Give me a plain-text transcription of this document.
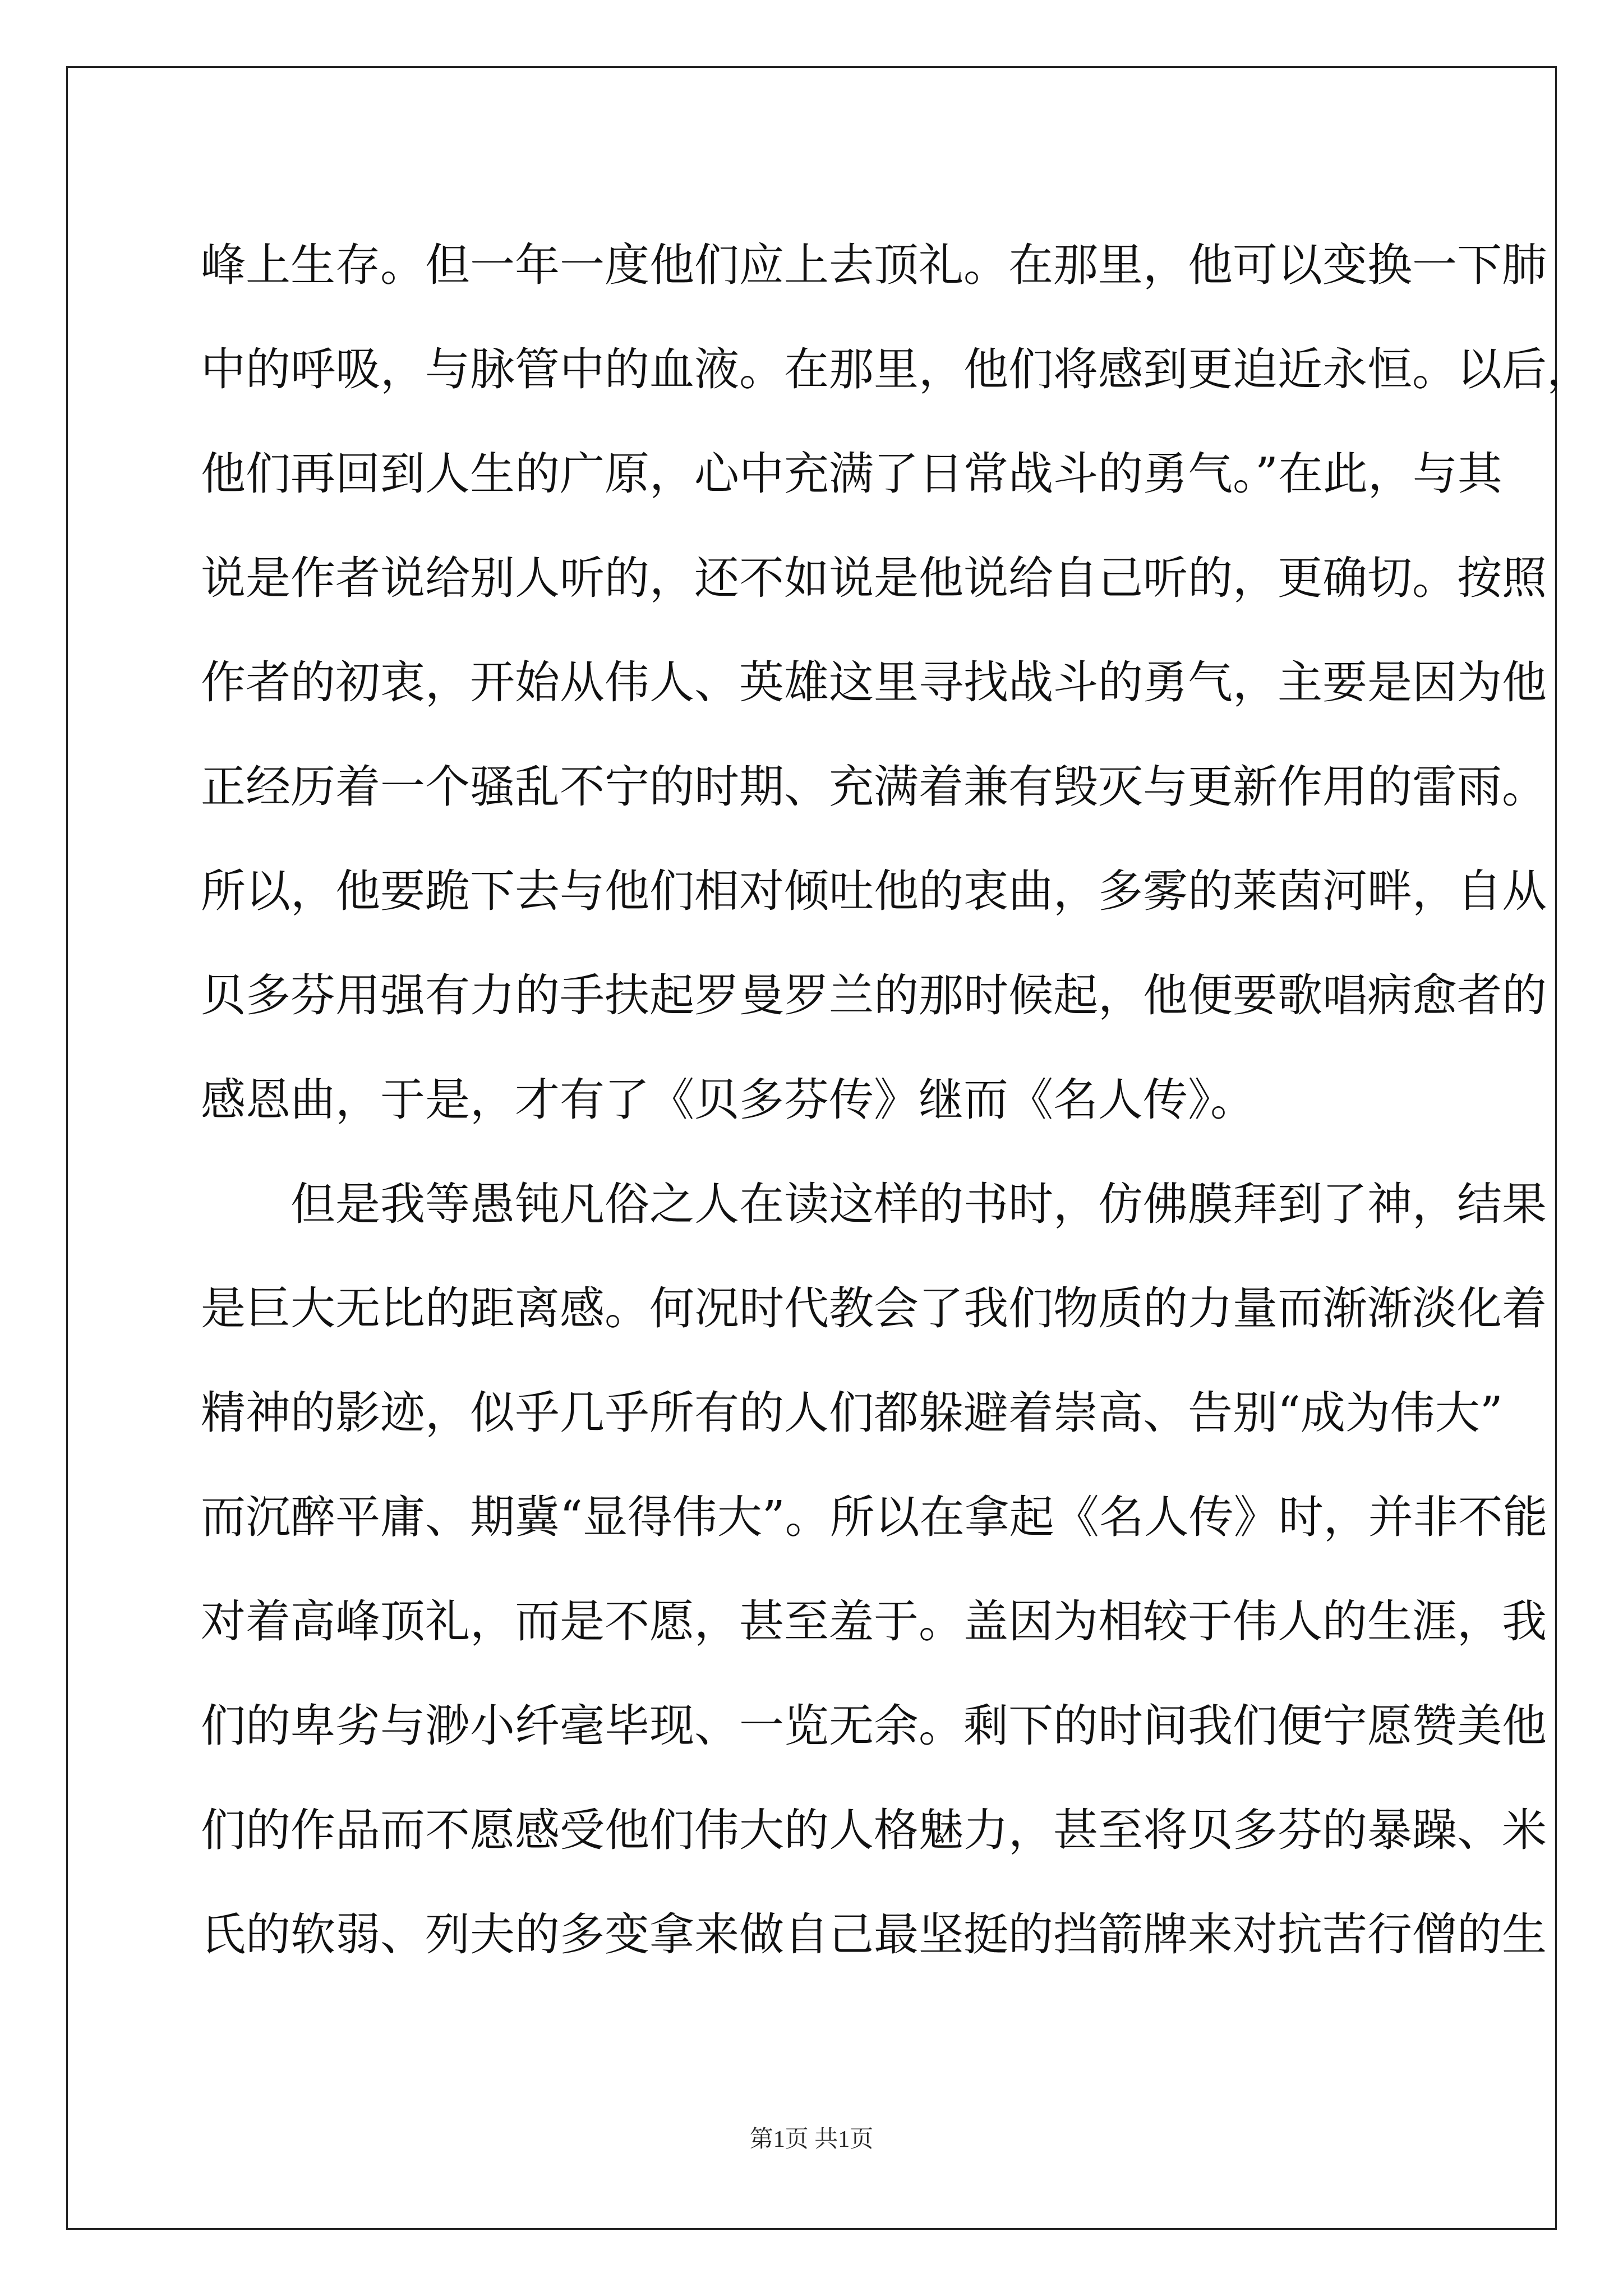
峰上生存。但一年一度他们应上去顶礼。在那里，他可以变换一下肺
中的呼吸，与脉管中的血液。在那里，他们将感到更迫近永恒。以后，
他们再回到人生的广原，心中充满了日常战斗的勇气。”在此，与其
说是作者说给别人听的，还不如说是他说给自己听的，更确切。按照
作者的初衷，开始从伟人、英雄这里寻找战斗的勇气，主要是因为他
正经历着一个骚乱不宁的时期、充满着兼有毁灭与更新作用的雷雨。
所以，他要跪下去与他们相对倾吐他的衷曲，多雾的莱茵河畔，自从
贝多芬用强有力的手扶起罗曼罗兰的那时候起，他便要歌唱病愈者的
感恩曲，于是，才有了《贝多芬传》继而《名人传》。
但是我等愚钝凡俗之人在读这样的书时，仿佛膜拜到了神，结果
是巨大无比的距离感。何况时代教会了我们物质的力量而渐渐淡化着
精神的影迹，似乎几乎所有的人们都躲避着崇高、告别“成为伟大”
而沉醉平庸、期冀“显得伟大”。所以在拿起《名人传》时，并非不能
对着高峰顶礼，而是不愿，甚至羞于。盖因为相较于伟人的生涯，我
们的卑劣与渺小纤毫毕现、一览无余。剩下的时间我们便宁愿赞美他
们的作品而不愿感受他们伟大的人格魅力，甚至将贝多芬的暴躁、米
氏的软弱、列夫的多变拿来做自己最坚挺的挡箭牌来对抗苦行僧的生
第1页 共1页
